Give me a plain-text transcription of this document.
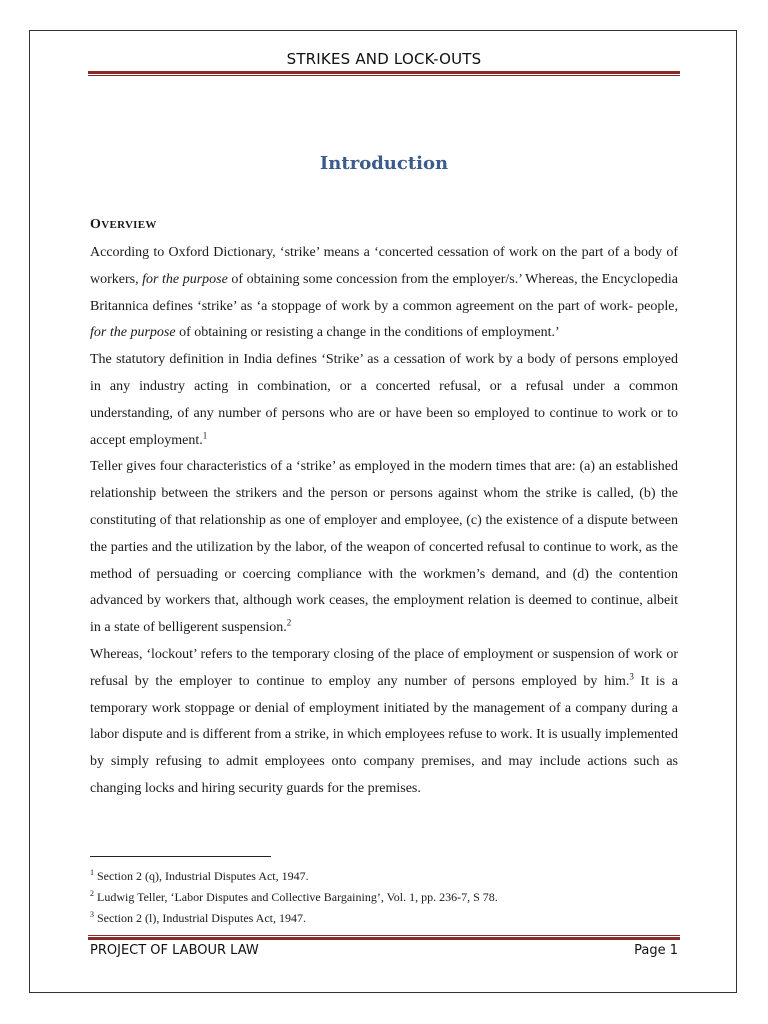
STRIKES AND LOCK-OUTS
Introduction
OVERVIEW

According to Oxford Dictionary, ‘strike’ means a ‘concerted cessation of work on the part of a body of workers, for the purpose of obtaining some concession from the employer/s.’ Whereas, the Encyclopedia Britannica defines ‘strike’ as ‘a stoppage of work by a common agreement on the part of work- people, for the purpose of obtaining or resisting a change in the conditions of employment.’

The statutory definition in India defines ‘Strike’ as a cessation of work by a body of persons employed in any industry acting in combination, or a concerted refusal, or a refusal under a common understanding, of any number of persons who are or have been so employed to continue to work or to accept employment.$^1$

Teller gives four characteristics of a ‘strike’ as employed in the modern times that are: (a) an established relationship between the strikers and the person or persons against whom the strike is called, (b) the constituting of that relationship as one of employer and employee, (c) the existence of a dispute between the parties and the utilization by the labor, of the weapon of concerted refusal to continue to work, as the method of persuading or coercing compliance with the workmen’s demand, and (d) the contention advanced by workers that, although work ceases, the employment relation is deemed to continue, albeit in a state of belligerent suspension.$^2$

Whereas, ‘lockout’ refers to the temporary closing of the place of employment or suspension of work or refusal by the employer to continue to employ any number of persons employed by him.$^3$ It is a temporary work stoppage or denial of employment initiated by the management of a company during a labor dispute and is different from a strike, in which employees refuse to work. It is usually implemented by simply refusing to admit employees onto company premises, and may include actions such as changing locks and hiring security guards for the premises.

$^1$ Section 2 (q), Industrial Disputes Act, 1947.

$^2$ Ludwig Teller, ‘Labor Disputes and Collective Bargaining’, Vol. 1, pp. 236-7, S 78.

$^3$ Section 2 (l), Industrial Disputes Act, 1947.

PROJECT OF LABOUR LAW	Page 1
